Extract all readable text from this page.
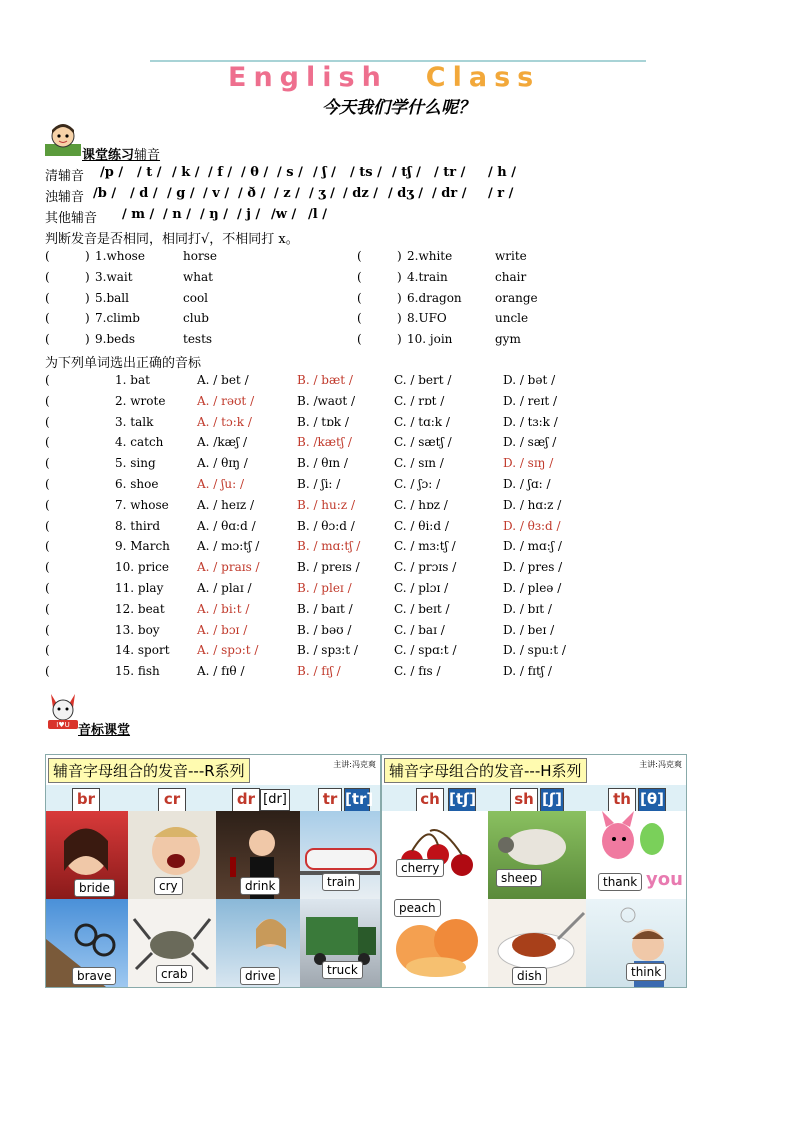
English Class
今天我们学什么呢？
课堂练习辅音
清辅音 /p / / t / / k / / f / / θ / / s / / ʃ / / ts / / tʃ / / tr / / h /
浊辅音 /b / / d / / g / / v / / ð / / z / / ʒ / / dz / / dʒ / / dr / / r /
其他辅音 / m / / n / / ŋ / / j / /w / /l /
判断发音是否相同，相同打√，不相同打 x。
(	) 1.whose	horse	(	) 2.white	write
(	) 3.wait	what	(	) 4.train	chair
(	) 5.ball	cool	(	) 6.dragon	orange
(	) 7.climb	club	(	) 8.UFO	uncle
(	) 9.beds	tests	(	) 10. join	gym
为下列单词选出正确的音标
(	1. bat	A. / bet /	B. / bæt /	C. / bert /	D. / bət /
(	2. wrote	A. / rəʊt /	B. /waʊt /	C. / rɒt /	D. / reɪt /
(	3. talk	A. / tɔ:k /	B. / tɒk /	C. / tɑ:k /	D. / tɜ:k /
(	4. catch	A. /kæʃ /	B. /kætʃ /	C. / sætʃ /	D. / sæʃ /
(	5. sing	A. / θɪŋ /	B. / θɪn /	C. / sɪn /	D. / sɪŋ /
(	6. shoe	A. / ʃu: /	B. / ʃi: /	C. / ʃɔ: /	D. / ʃɑ: /
(	7. whose A. / heɪz /	B. / hu:z /	C. / hɒz /	D. / hɑ:z /
(	8. third	A. / θɑ:d /	B. / θɔ:d /	C. / θi:d /	D. / θɜ:d /
(	9. March A. / mɔ:tʃ /	B. / mɑ:tʃ /	C. / mɜ:tʃ /	D. / mɑ:ʃ /
(	10. price A. / praɪs /	B. / preɪs /	C. / prɔɪs /	D. / pres /
(	11. play	A. / plaɪ /	B. / pleɪ /	C. / plɔɪ /	D. / pleə /
(	12. beat	A. / bi:t /	B. / baɪt /	C. / beɪt /	D. / bɪt /
(	13. boy	A. / bɔɪ /	B. / bəʊ /	C. / baɪ /	D. / beɪ /
(	14. sport A. / spɔ:t /	B. / spɜ:t /	C. / spɑ:t /	D. / spu:t /
(	15. fish	A. / fɪθ /	B. / fɪʃ /	C. / fɪs /	D. / fɪtʃ /
I♥U 音标课堂
辅音字母组合的发音---R系列	主讲:冯克爽
br	cr	dr [dr]	tr [tr]
bride	cry	drink	train
brave	crab	drive	truck
辅音字母组合的发音---H系列	主讲:冯克爽
ch [tʃ]	sh [ʃ]	th [θ]
cherry
peach
sheep
dish
thank you
think
